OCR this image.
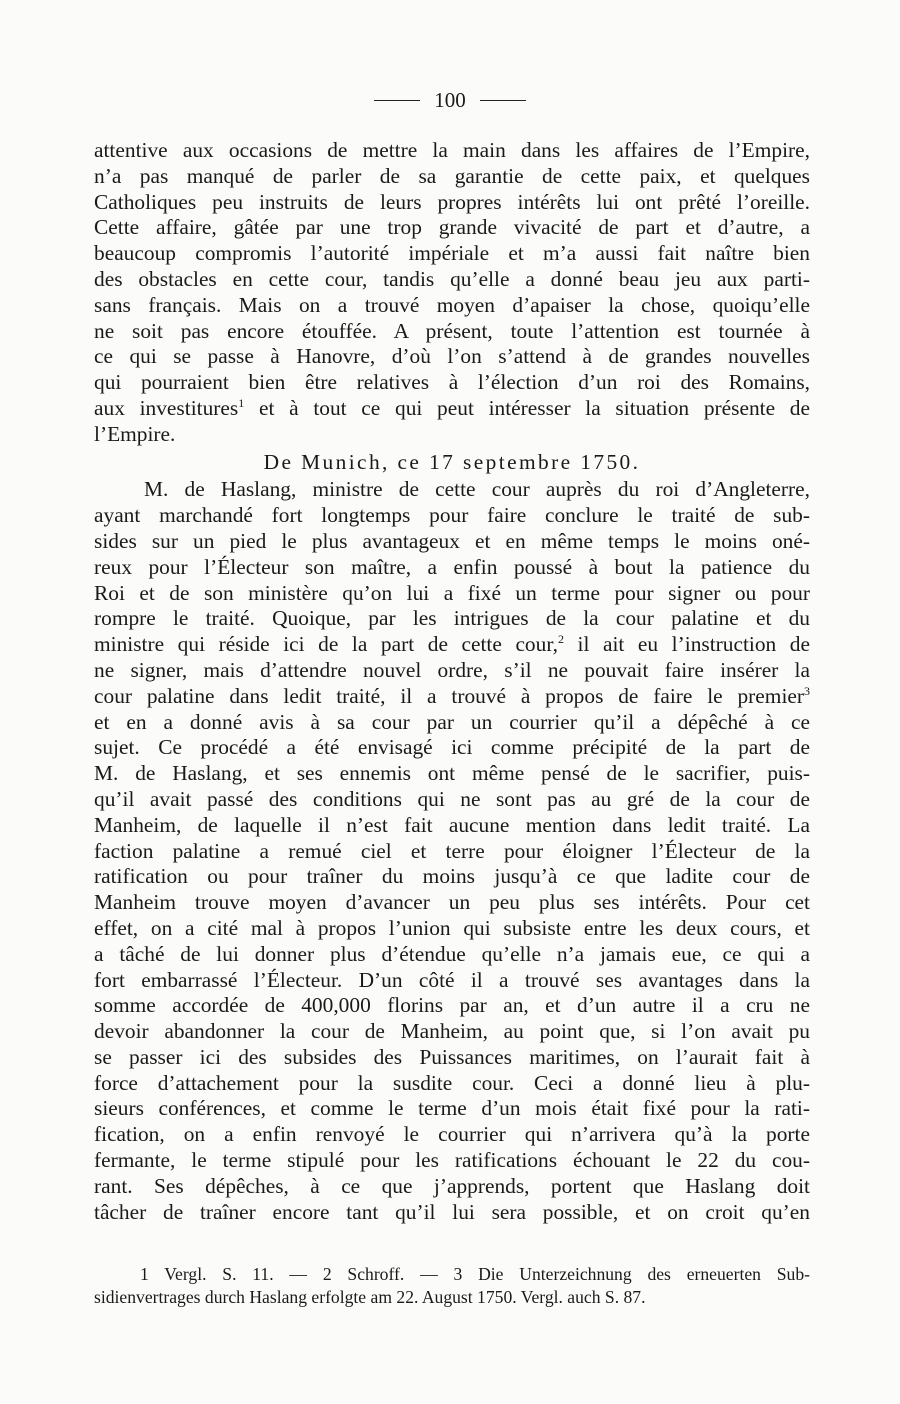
100
attentive aux occasions de mettre la main dans les affaires de l’Empire,
n’a pas manqué de parler de sa garantie de cette paix, et quelques
Catholiques peu instruits de leurs propres intérêts lui ont prêté l’oreille.
Cette affaire, gâtée par une trop grande vivacité de part et d’autre, a
beaucoup compromis l’autorité impériale et m’a aussi fait naître bien
des obstacles en cette cour, tandis qu’elle a donné beau jeu aux parti-
sans français. Mais on a trouvé moyen d’apaiser la chose, quoiqu’elle
ne soit pas encore étouffée. A présent, toute l’attention est tournée à
ce qui se passe à Hanovre, d’où l’on s’attend à de grandes nouvelles
qui pourraient bien être relatives à l’élection d’un roi des Romains,
aux investitures$^1$ et à tout ce qui peut intéresser la situation présente de
l’Empire.
De Munich, ce 17 septembre 1750.
M. de Haslang, ministre de cette cour auprès du roi d’Angleterre,
ayant marchandé fort longtemps pour faire conclure le traité de sub-
sides sur un pied le plus avantageux et en même temps le moins oné-
reux pour l’Électeur son maître, a enfin poussé à bout la patience du
Roi et de son ministère qu’on lui a fixé un terme pour signer ou pour
rompre le traité. Quoique, par les intrigues de la cour palatine et du
ministre qui réside ici de la part de cette cour,$^2$ il ait eu l’instruction de
ne signer, mais d’attendre nouvel ordre, s’il ne pouvait faire insérer la
cour palatine dans ledit traité, il a trouvé à propos de faire le premier$^3$
et en a donné avis à sa cour par un courrier qu’il a dépêché à ce
sujet. Ce procédé a été envisagé ici comme précipité de la part de
M. de Haslang, et ses ennemis ont même pensé de le sacrifier, puis-
qu’il avait passé des conditions qui ne sont pas au gré de la cour de
Manheim, de laquelle il n’est fait aucune mention dans ledit traité. La
faction palatine a remué ciel et terre pour éloigner l’Électeur de la
ratification ou pour traîner du moins jusqu’à ce que ladite cour de
Manheim trouve moyen d’avancer un peu plus ses intérêts. Pour cet
effet, on a cité mal à propos l’union qui subsiste entre les deux cours, et
a tâché de lui donner plus d’étendue qu’elle n’a jamais eue, ce qui a
fort embarrassé l’Électeur. D’un côté il a trouvé ses avantages dans la
somme accordée de 400,000 florins par an, et d’un autre il a cru ne
devoir abandonner la cour de Manheim, au point que, si l’on avait pu
se passer ici des subsides des Puissances maritimes, on l’aurait fait à
force d’attachement pour la susdite cour. Ceci a donné lieu à plu-
sieurs conférences, et comme le terme d’un mois était fixé pour la rati-
fication, on a enfin renvoyé le courrier qui n’arrivera qu’à la porte
fermante, le terme stipulé pour les ratifications échouant le 22 du cou-
rant. Ses dépêches, à ce que j’apprends, portent que Haslang doit
tâcher de traîner encore tant qu’il lui sera possible, et on croit qu’en
1 Vergl. S. 11. — 2 Schroff. — 3 Die Unterzeichnung des erneuerten Sub-
sidienvertrages durch Haslang erfolgte am 22. August 1750. Vergl. auch S. 87.
